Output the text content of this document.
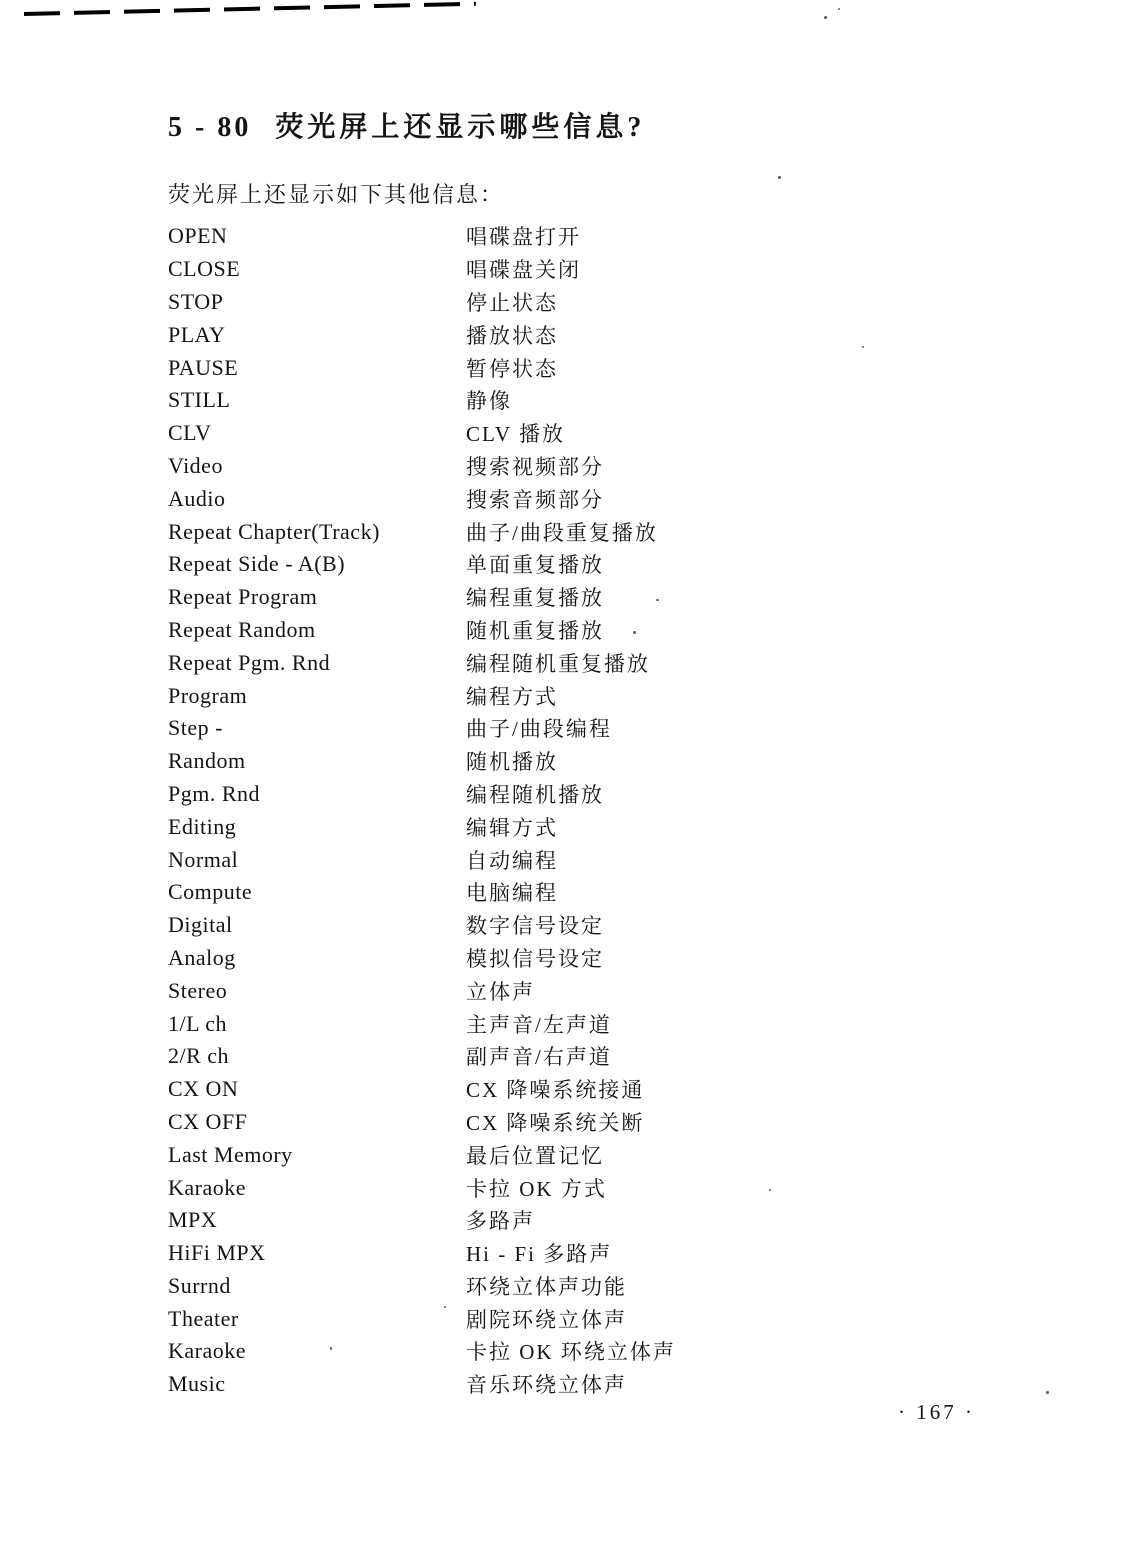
5 - 80 荧光屏上还显示哪些信息?

荧光屏上还显示如下其他信息：

OPEN	唱碟盘打开
CLOSE	唱碟盘关闭
STOP	停止状态
PLAY	播放状态
PAUSE	暂停状态
STILL	静像
CLV	CLV 播放
Video	搜索视频部分
Audio	搜索音频部分
Repeat Chapter(Track)	曲子/曲段重复播放
Repeat Side - A(B)	单面重复播放
Repeat Program	编程重复播放
Repeat Random	随机重复播放
Repeat Pgm. Rnd	编程随机重复播放
Program	编程方式
Step -	曲子/曲段编程
Random	随机播放
Pgm. Rnd	编程随机播放
Editing	编辑方式
Normal	自动编程
Compute	电脑编程
Digital	数字信号设定
Analog	模拟信号设定
Stereo	立体声
1/L ch	主声音/左声道
2/R ch	副声音/右声道
CX ON	CX 降噪系统接通
CX OFF	CX 降噪系统关断
Last Memory	最后位置记忆
Karaoke	卡拉 OK 方式
MPX	多路声
HiFi MPX	Hi - Fi 多路声
Surrnd	环绕立体声功能
Theater	剧院环绕立体声
Karaoke	卡拉 OK 环绕立体声
Music	音乐环绕立体声
· 167 ·
